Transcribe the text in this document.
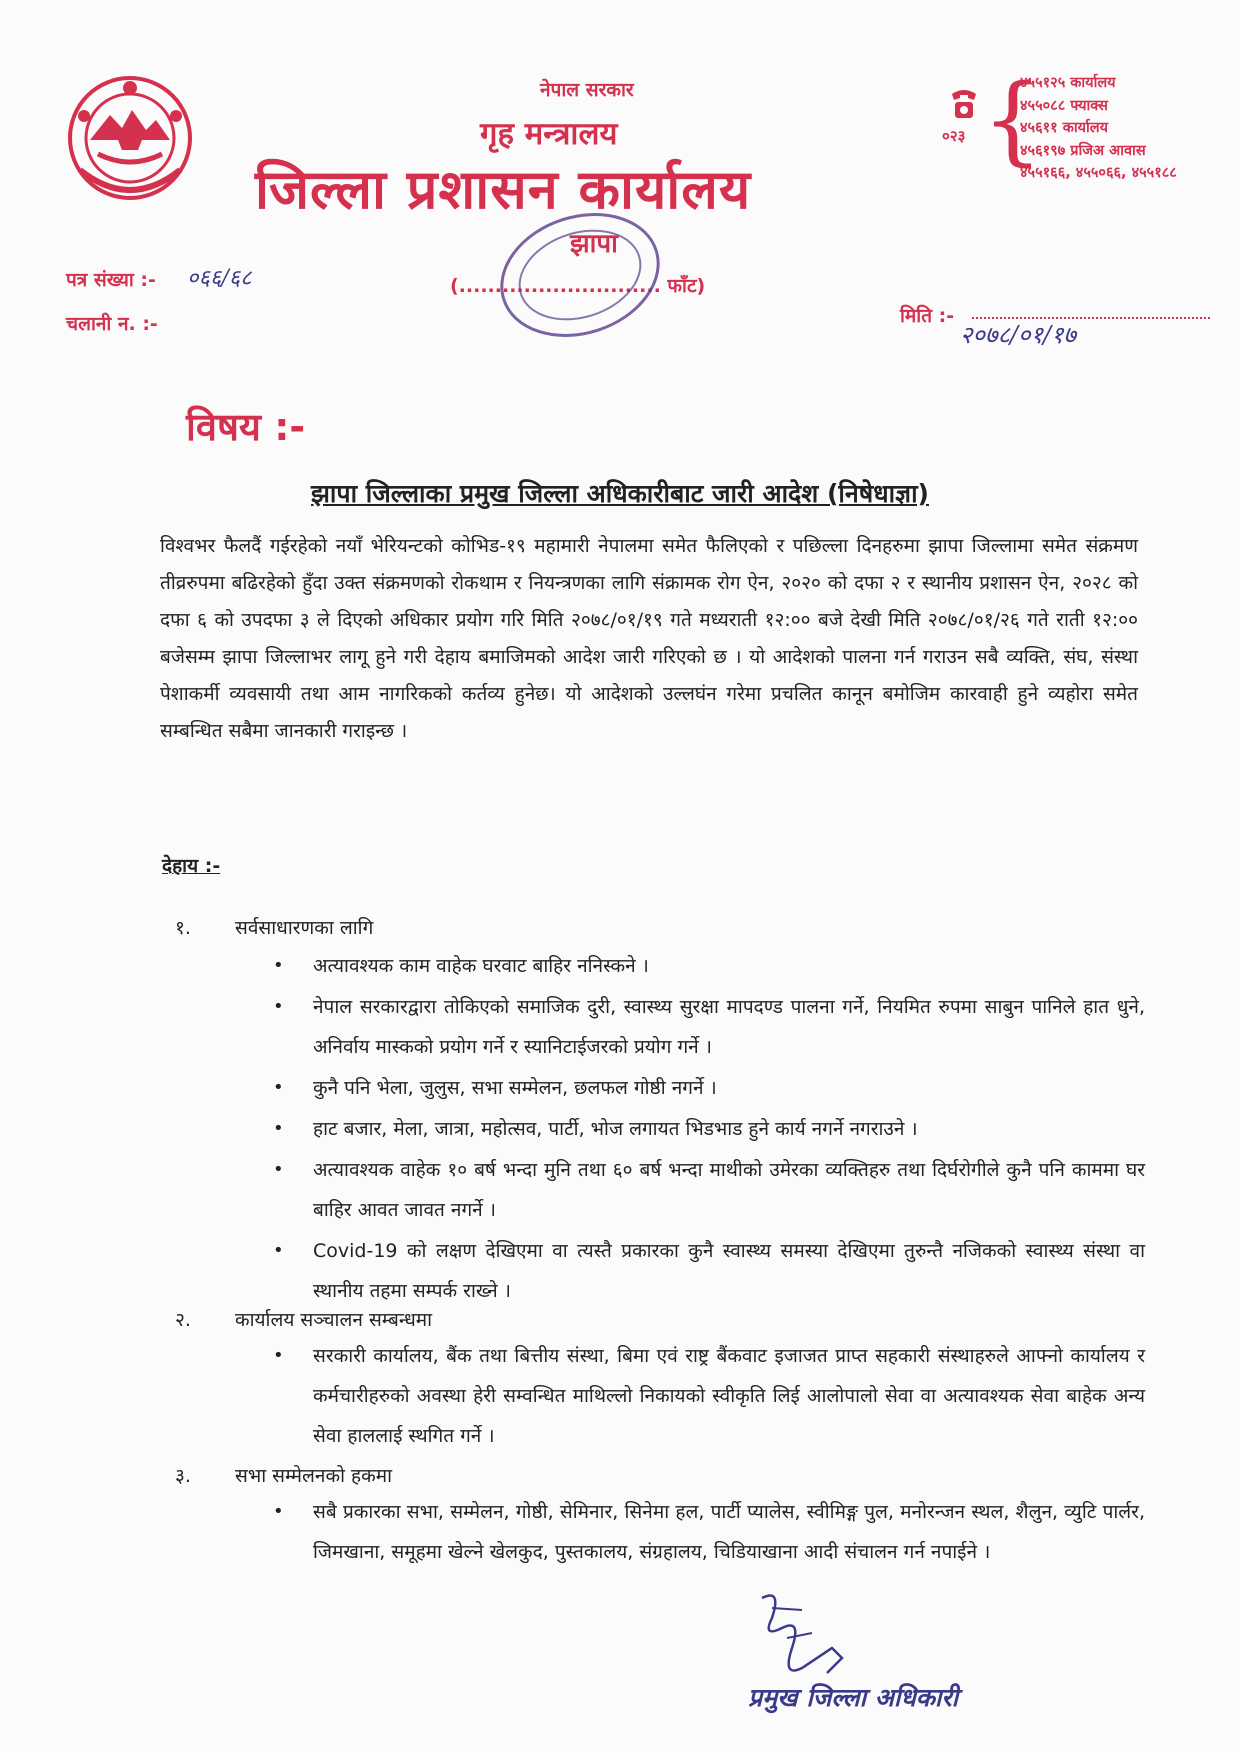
नेपाल सरकार
गृह मन्त्रालय
जिल्ला प्रशासन कार्यालय
झापा
(............................ फाँट)
०२३ {
४५५१२५ कार्यालय
४५५०८८ फ्याक्स
४५६११ कार्यालय
४५६१९७ प्रजिअ आवास
४५५१६६, ४५५०६६, ४५५१८८
पत्र संख्या :- ०६६/६८
चलानी न. :-	मिति :-
२०७८/०१/१७
विषय :-
झापा जिल्लाका प्रमुख जिल्ला अधिकारीबाट जारी आदेश (निषेधाज्ञा)
विश्वभर फैलदैं गईरहेको नयाँ भेरियन्टको कोभिड-१९ महामारी नेपालमा समेत फैलिएको र पछिल्ला दिनहरुमा झापा जिल्लामा समेत संक्रमण तीव्ररुपमा बढिरहेको हुँदा उक्त संक्रमणको रोकथाम र नियन्त्रणका लागि संक्रामक रोग ऐन, २०२० को दफा २ र स्थानीय प्रशासन ऐन, २०२८ को दफा ६ को उपदफा ३ ले दिएको अधिकार प्रयोग गरि मिति २०७८/०१/१९ गते मध्यराती १२:०० बजे देखी मिति २०७८/०१/२६ गते राती १२:०० बजेसम्म झापा जिल्लाभर लागू हुने गरी देहाय बमाजिमको आदेश जारी गरिएको छ । यो आदेशको पालना गर्न गराउन सबै व्यक्ति, संघ, संस्था पेशाकर्मी व्यवसायी तथा आम नागरिकको कर्तव्य हुनेछ। यो आदेशको उल्लघंन गरेमा प्रचलित कानून बमोजिम कारवाही हुने व्यहोरा समेत सम्बन्धित सबैमा जानकारी गराइन्छ ।
देहाय :-
१.	सर्वसाधारणका लागि
• अत्यावश्यक काम वाहेक घरवाट बाहिर ननिस्कने ।
• नेपाल सरकारद्वारा तोकिएको समाजिक दुरी, स्वास्थ्य सुरक्षा मापदण्ड पालना गर्ने, नियमित रुपमा साबुन पानिले हात धुने, अनिर्वाय मास्कको प्रयोग गर्ने र स्यानिटाईजरको प्रयोग गर्ने ।
• कुनै पनि भेला, जुलुस, सभा सम्मेलन, छलफल गोष्ठी नगर्ने ।
• हाट बजार, मेला, जात्रा, महोत्सव, पार्टी, भोज लगायत भिडभाड हुने कार्य नगर्ने नगराउने ।
• अत्यावश्यक वाहेक १० बर्ष भन्दा मुनि तथा ६० बर्ष भन्दा माथीको उमेरका व्यक्तिहरु तथा दिर्घरोगीले कुनै पनि काममा घर बाहिर आवत जावत नगर्ने ।
• Covid-19 को लक्षण देखिएमा वा त्यस्तै प्रकारका कुनै स्वास्थ्य समस्या देखिएमा तुरुन्तै नजिकको स्वास्थ्य संस्था वा स्थानीय तहमा सम्पर्क राख्ने ।
२.	कार्यालय सञ्चालन सम्बन्धमा
• सरकारी कार्यालय, बैंक तथा बित्तीय संस्था, बिमा एवं राष्ट्र बैंकवाट इजाजत प्राप्त सहकारी संस्थाहरुले आफ्नो कार्यालय र कर्मचारीहरुको अवस्था हेरी सम्वन्धित माथिल्लो निकायको स्वीकृति लिई आलोपालो सेवा वा अत्यावश्यक सेवा बाहेक अन्य सेवा हाललाई स्थगित गर्ने ।
३.	सभा सम्मेलनको हकमा
• सबै प्रकारका सभा, सम्मेलन, गोष्ठी, सेमिनार, सिनेमा हल, पार्टी प्यालेस, स्वीमिङ्ग पुल, मनोरन्जन स्थल, शैलुन, व्युटि पार्लर, जिमखाना, समूहमा खेल्ने खेलकुद, पुस्तकालय, संग्रहालय, चिडियाखाना आदी संचालन गर्न नपाईने ।
प्रमुख जिल्ला अधिकारी
